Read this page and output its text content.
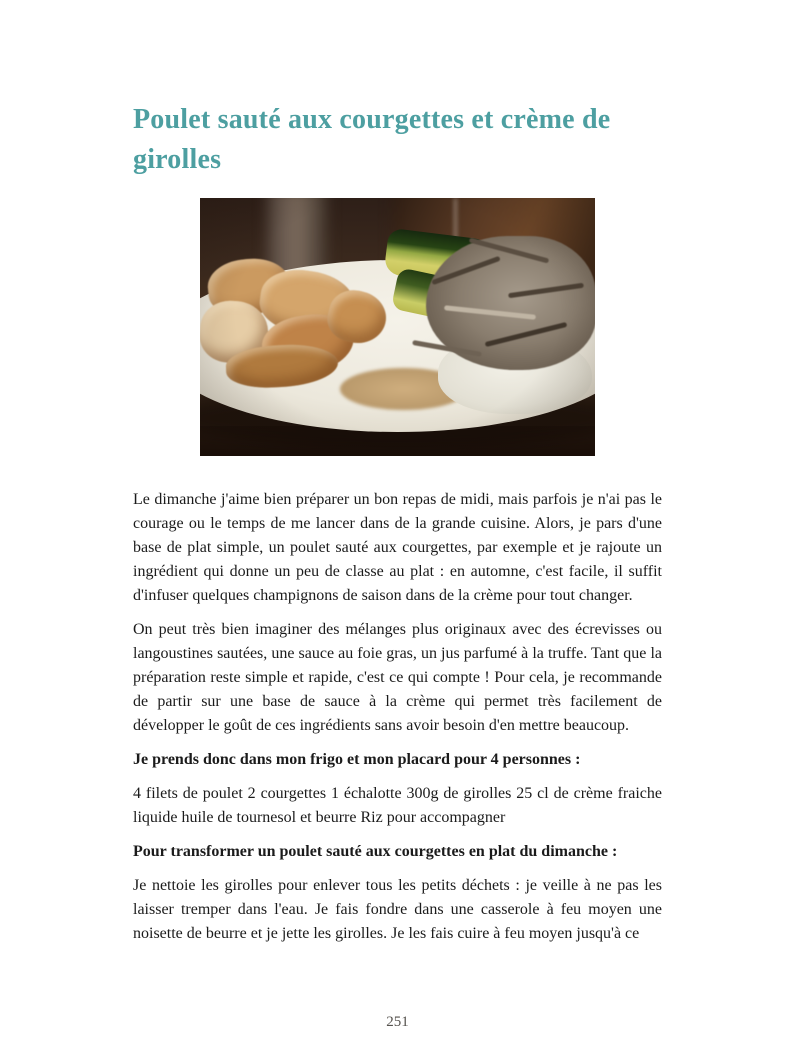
Poulet sauté aux courgettes et crème de girolles

Le dimanche j'aime bien préparer un bon repas de midi, mais parfois je n'ai pas le courage ou le temps de me lancer dans de la grande cuisine. Alors, je pars d'une base de plat simple, un poulet sauté aux courgettes, par exemple et je rajoute un ingrédient qui donne un peu de classe au plat : en automne, c'est facile, il suffit d'infuser quelques champignons de saison dans de la crème pour tout changer.

On peut très bien imaginer des mélanges plus originaux avec des écrevisses ou langoustines sautées, une sauce au foie gras, un jus parfumé à la truffe. Tant que la préparation reste simple et rapide, c'est ce qui compte ! Pour cela, je recommande de partir sur une base de sauce à la crème qui permet très facilement de développer le goût de ces ingrédients sans avoir besoin d'en mettre beaucoup.

Je prends donc dans mon frigo et mon placard pour 4 personnes :

4 filets de poulet 2 courgettes 1 échalotte 300g de girolles 25 cl de crème fraiche liquide huile de tournesol et beurre Riz pour accompagner

Pour transformer un poulet sauté aux courgettes en plat du dimanche :

Je nettoie les girolles pour enlever tous les petits déchets : je veille à ne pas les laisser tremper dans l'eau. Je fais fondre dans une casserole à feu moyen une noisette de beurre et je jette les girolles. Je les fais cuire à feu moyen jusqu'à ce

251
